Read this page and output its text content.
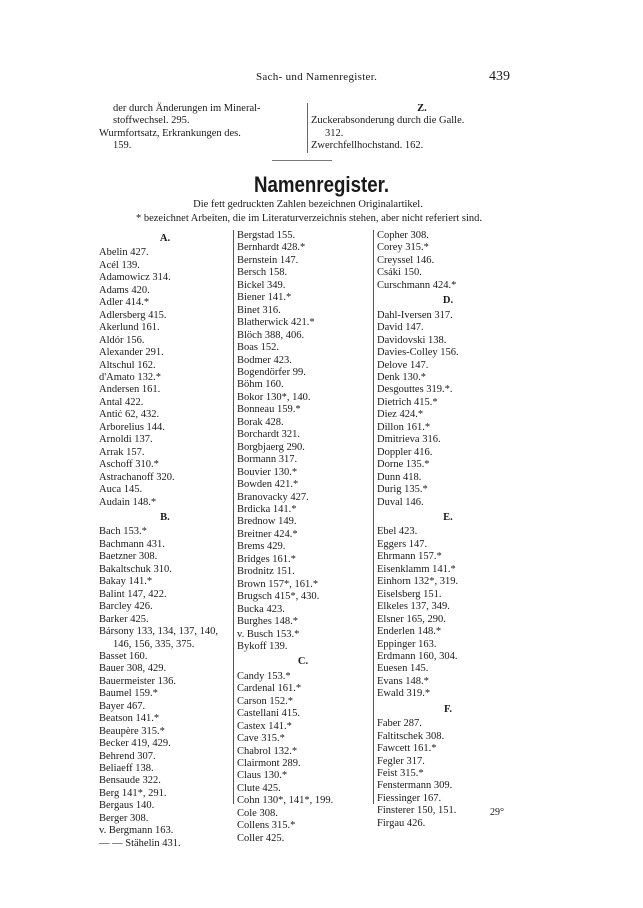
Sach- und Namenregister.	439
der durch Änderungen im Mineral-
stoffwechsel. 295.
Wurmfortsatz, Erkrankungen des.
159.
Z.
Zuckerabsonderung durch die Galle.
312.
Zwerchfellhochstand. 162.
Namenregister.
Die fett gedruckten Zahlen bezeichnen Originalartikel.
* bezeichnet Arbeiten, die im Literaturverzeichnis stehen, aber nicht referiert sind.
A.
Abelin 427.
Acél 139.
Adamowicz 314.
Adams 420.
Adler 414.*
Adlersberg 415.
Akerlund 161.
Aldór 156.
Alexander 291.
Altschul 162.
d'Amato 132.*
Andersen 161.
Antal 422.
Antić 62, 432.
Arborelius 144.
Arnoldi 137.
Arrak 157.
Aschoff 310.*
Astrachanoff 320.
Auca 145.
Audain 148.*
B.
Bach 153.*
Bachmann 431.
Baetzner 308.
Bakaltschuk 310.
Bakay 141.*
Balint 147, 422.
Barcley 426.
Barker 425.
Bársony 133, 134, 137, 140, 146, 156, 335, 375.
Basset 160.
Bauer 308, 429.
Bauermeister 136.
Baumel 159.*
Bayer 467.
Beatson 141.*
Beaupère 315.*
Becker 419, 429.
Behrend 307.
Beliaeff 138.
Bensaude 322.
Berg 141*, 291.
Bergaus 140.
Berger 308.
v. Bergmann 163.
— — Stähelin 431.
Bergstad 155.
Bernhardt 428.*
Bernstein 147.
Bersch 158.
Bickel 349.
Biener 141.*
Binet 316.
Blatherwick 421.*
Blöch 388, 406.
Boas 152.
Bodmer 423.
Bogendörfer 99.
Böhm 160.
Bokor 130*, 140.
Bonneau 159.*
Borak 428.
Borchardt 321.
Borgbjaerg 290.
Bormann 317.
Bouvier 130.*
Bowden 421.*
Branovacky 427.
Brdicka 141.*
Brednow 149.
Breitner 424.*
Brems 429.
Bridges 161.*
Brodnitz 151.
Brown 157*, 161.*
Brugsch 415*, 430.
Bucka 423.
Burghes 148.*
v. Busch 153.*
Bykoff 139.
C.
Candy 153.*
Cardenal 161.*
Carson 152.*
Castellani 415.
Castex 141.*
Cave 315.*
Chabrol 132.*
Clairmont 289.
Claus 130.*
Clute 425.
Cohn 130*, 141*, 199.
Cole 308.
Collens 315.*
Coller 425.
Copher 308.
Corey 315.*
Creyssel 146.
Csáki 150.
Curschmann 424.*
D.
Dahl-Iversen 317.
David 147.
Davidovski 138.
Davies-Colley 156.
Delove 147.
Denk 130.*
Desgouttes 319.*.
Dietrich 415.*
Diez 424.*
Dillon 161.*
Dmitrieva 316.
Doppler 416.
Dorne 135.*
Dunn 418.
Durig 135.*
Duval 146.
E.
Ebel 423.
Eggers 147.
Ehrmann 157.*
Eisenklamm 141.*
Einhorn 132*, 319.
Eiselsberg 151.
Elkeles 137, 349.
Elsner 165, 290.
Enderlen 148.*
Eppinger 163.
Erdmann 160, 304.
Euesen 145.
Evans 148.*
Ewald 319.*
F.
Faber 287.
Faltitschek 308.
Fawcett 161.*
Fegler 317.
Feist 315.*
Fenstermann 309.
Fiessinger 167.
Finsterer 150, 151.
Firgau 426.
29°
